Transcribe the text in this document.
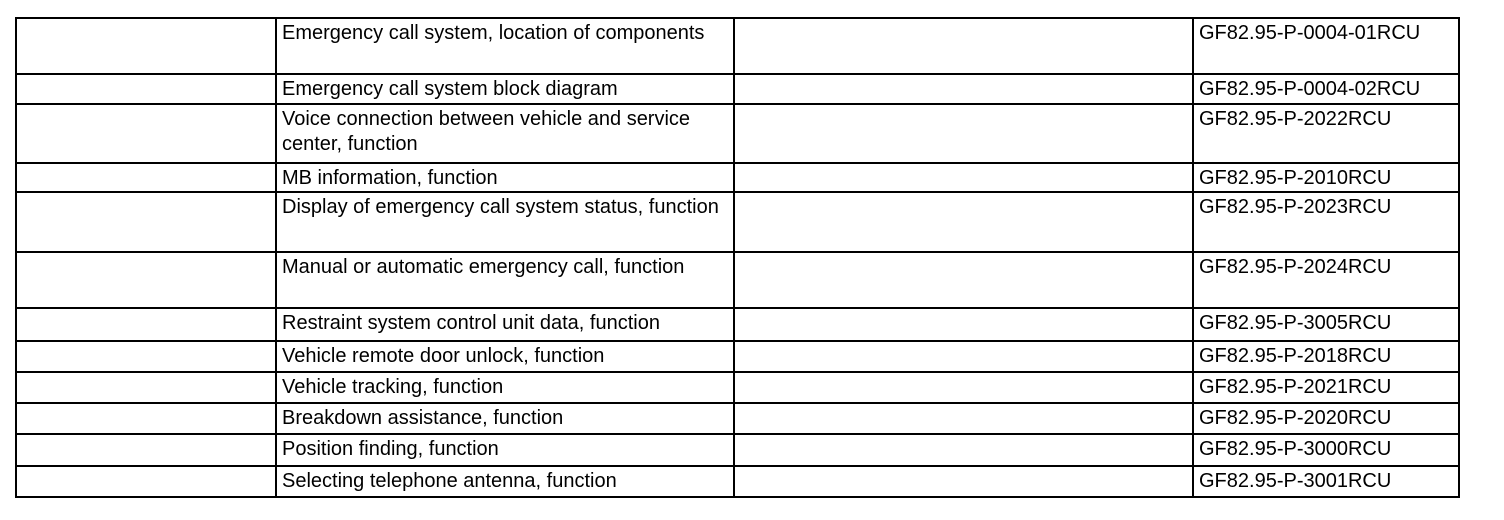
	Emergency call system, location of components		GF82.95-P-0004-01RCU
	Emergency call system block diagram		GF82.95-P-0004-02RCU
	Voice connection between vehicle and service center, function		GF82.95-P-2022RCU
	MB information, function		GF82.95-P-2010RCU
	Display of emergency call system status, function		GF82.95-P-2023RCU
	Manual or automatic emergency call, function		GF82.95-P-2024RCU
	Restraint system control unit data, function		GF82.95-P-3005RCU
	Vehicle remote door unlock, function		GF82.95-P-2018RCU
	Vehicle tracking, function		GF82.95-P-2021RCU
	Breakdown assistance, function		GF82.95-P-2020RCU
	Position finding, function		GF82.95-P-3000RCU
	Selecting telephone antenna, function		GF82.95-P-3001RCU
